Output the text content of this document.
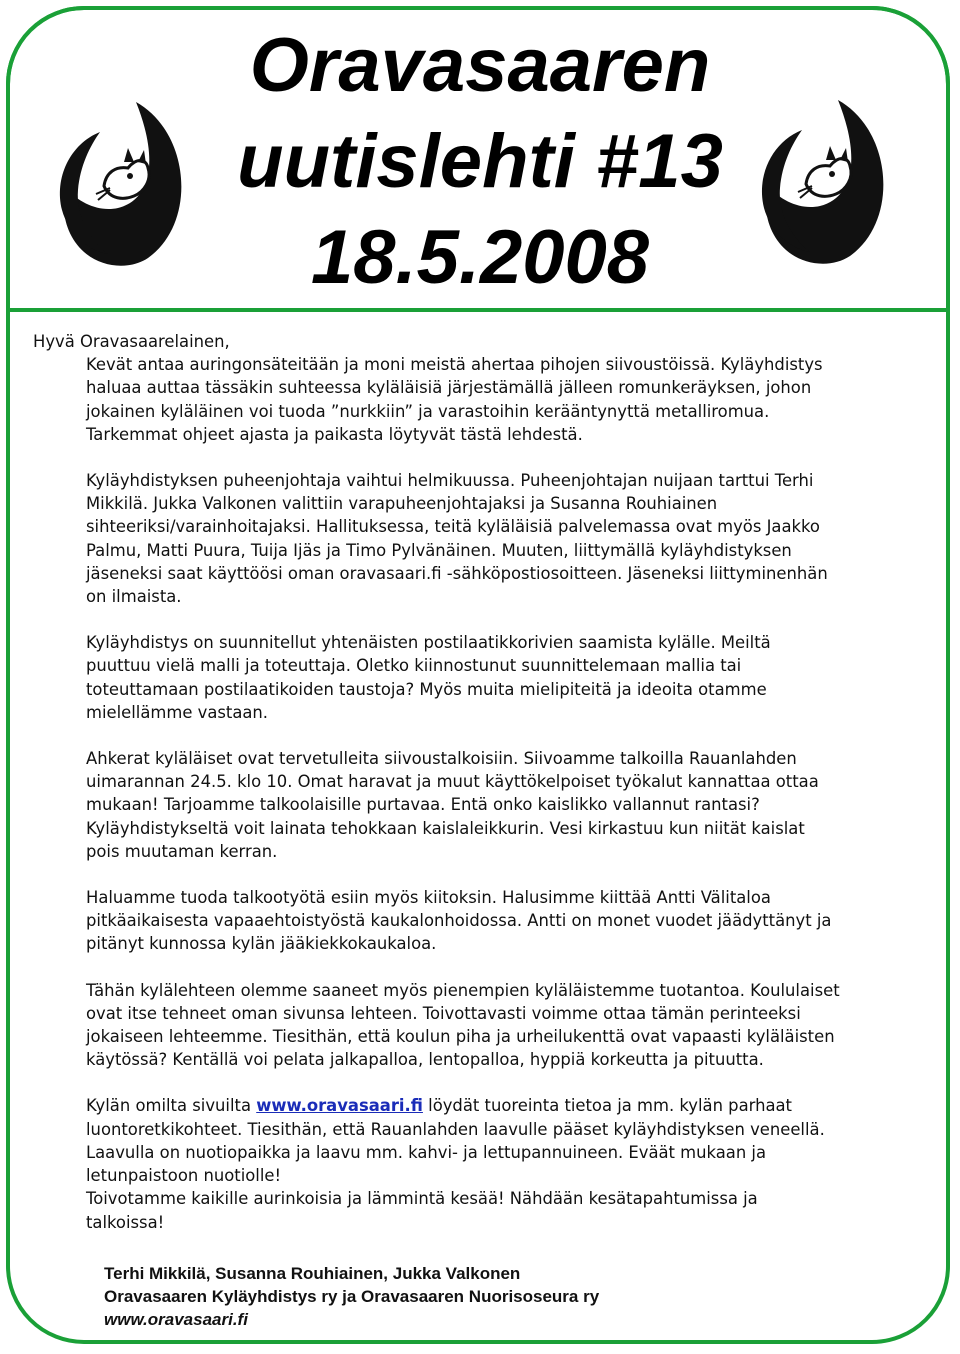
Oravasaaren
uutislehti #13
18.5.2008

Hyvä Oravasaarelainen,

Kevät antaa auringonsäteitään ja moni meistä ahertaa pihojen siivoustöissä. Kyläyhdistys

haluaa auttaa tässäkin suhteessa kyläläisiä järjestämällä jälleen romunkeräyksen, johon

jokainen kyläläinen voi tuoda ”nurkkiin” ja varastoihin kerääntynyttä metalliromua.

Tarkemmat ohjeet ajasta ja paikasta löytyvät tästä lehdestä.

Kyläyhdistyksen puheenjohtaja vaihtui helmikuussa. Puheenjohtajan nuijaan tarttui Terhi

Mikkilä. Jukka Valkonen valittiin varapuheenjohtajaksi ja Susanna Rouhiainen

sihteeriksi/varainhoitajaksi. Hallituksessa, teitä kyläläisiä palvelemassa ovat myös Jaakko

Palmu, Matti Puura, Tuija Ijäs ja Timo Pylvänäinen. Muuten, liittymällä kyläyhdistyksen

jäseneksi saat käyttöösi oman oravasaari.fi -sähköpostiosoitteen. Jäseneksi liittyminenhän

on ilmaista.

Kyläyhdistys on suunnitellut yhtenäisten postilaatikkorivien saamista kylälle. Meiltä

puuttuu vielä malli ja toteuttaja. Oletko kiinnostunut suunnittelemaan mallia tai

toteuttamaan postilaatikoiden taustoja? Myös muita mielipiteitä ja ideoita otamme

mielellämme vastaan.

Ahkerat kyläläiset ovat tervetulleita siivoustalkoisiin. Siivoamme talkoilla Rauanlahden

uimarannan 24.5. klo 10. Omat haravat ja muut käyttökelpoiset työkalut kannattaa ottaa

mukaan! Tarjoamme talkoolaisille purtavaa. Entä onko kaislikko vallannut rantasi?

Kyläyhdistykseltä voit lainata tehokkaan kaislaleikkurin. Vesi kirkastuu kun niität kaislat

pois muutaman kerran.

Haluamme tuoda talkootyötä esiin myös kiitoksin. Halusimme kiittää Antti Välitaloa

pitkäaikaisesta vapaaehtoistyöstä kaukalonhoidossa. Antti on monet vuodet jäädyttänyt ja

pitänyt kunnossa kylän jääkiekkokaukaloa.

Tähän kylälehteen olemme saaneet myös pienempien kyläläistemme tuotantoa. Koululaiset

ovat itse tehneet oman sivunsa lehteen. Toivottavasti voimme ottaa tämän perinteeksi

jokaiseen lehteemme. Tiesithän, että koulun piha ja urheilukenttä ovat vapaasti kyläläisten

käytössä? Kentällä voi pelata jalkapalloa, lentopalloa, hyppiä korkeutta ja pituutta.

Kylän omilta sivuilta www.oravasaari.fi löydät tuoreinta tietoa ja mm. kylän parhaat

luontoretkikohteet. Tiesithän, että Rauanlahden laavulle pääset kyläyhdistyksen veneellä.

Laavulla on nuotiopaikka ja laavu mm. kahvi- ja lettupannuineen. Eväät mukaan ja

letunpaistoon nuotiolle!

Toivotamme kaikille aurinkoisia ja lämmintä kesää! Nähdään kesätapahtumissa ja

talkoissa!

Terhi Mikkilä, Susanna Rouhiainen, Jukka Valkonen
Oravasaaren Kyläyhdistys ry ja Oravasaaren Nuorisoseura ry
www.oravasaari.fi
